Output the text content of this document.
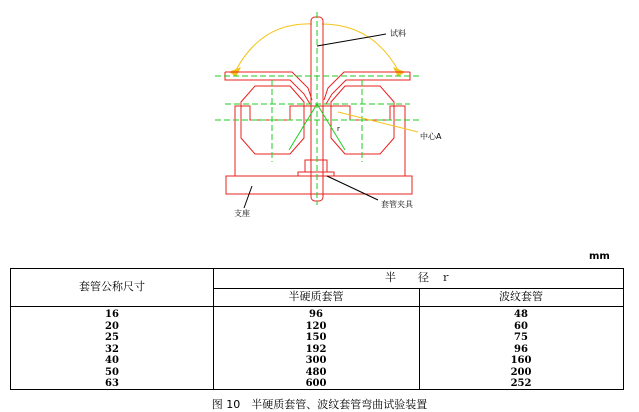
试料
中心A
r
套管夹具
支座
mm
套管公称尺寸
半　　径　ｒ
半硬质套管	波纹套管
16
20
25
32
40
50
63
96
120
150
192
300
480
600
48
60
75
96
160
200
252
图 10　半硬质套管、波纹套管弯曲试验装置
